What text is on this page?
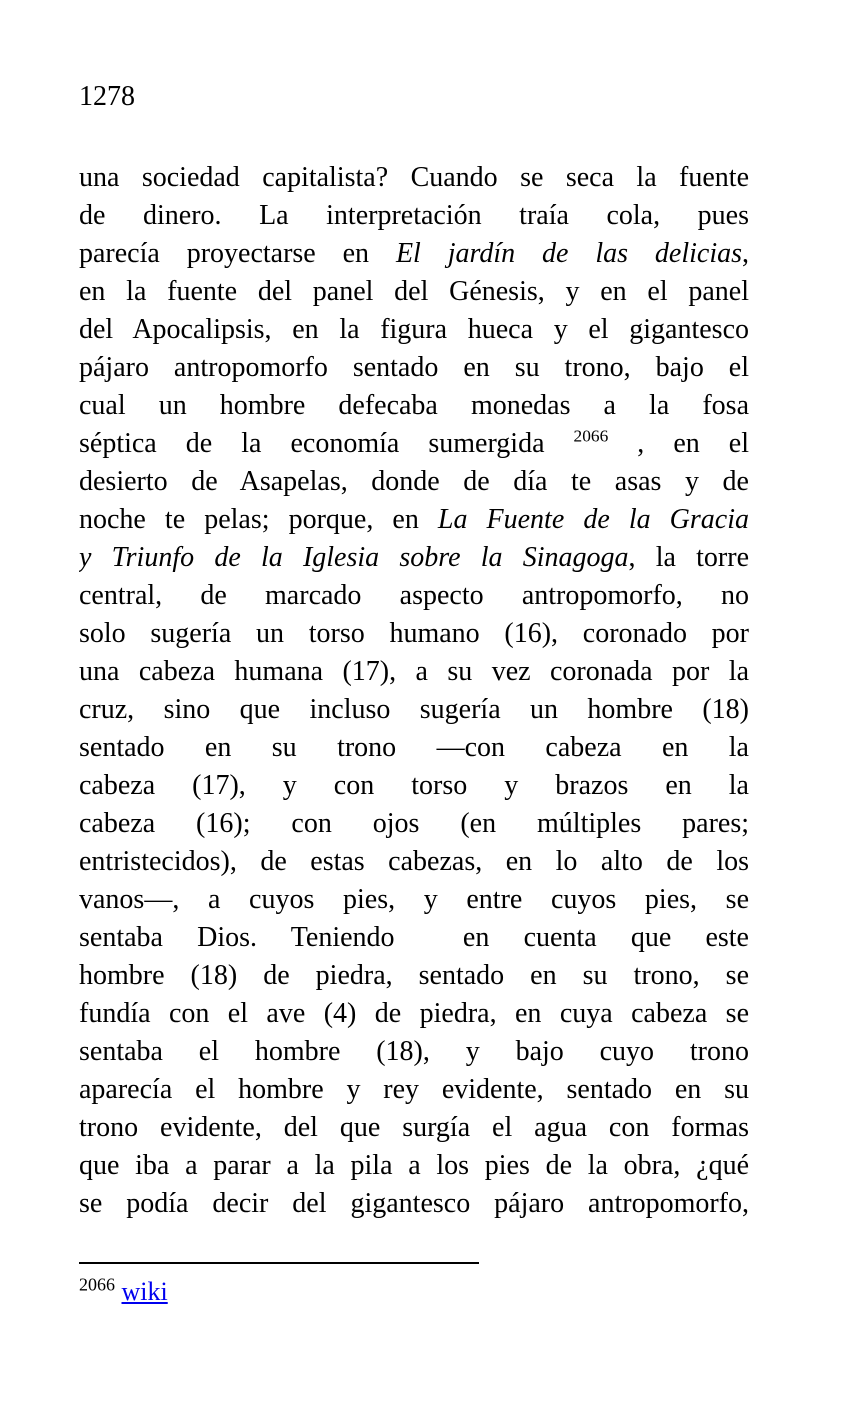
1278
una sociedad capitalista? Cuando se seca la fuente
de dinero. La interpretación traía cola, pues
parecía proyectarse en El jardín de las delicias,
en la fuente del panel del Génesis, y en el panel
del Apocalipsis, en la figura hueca y el gigantesco
pájaro antropomorfo sentado en su trono, bajo el
cual un hombre defecaba monedas a la fosa
séptica de la economía sumergida $^{2066}$ , en el
desierto de Asapelas, donde de día te asas y de
noche te pelas; porque, en La Fuente de la Gracia
y Triunfo de la Iglesia sobre la Sinagoga, la torre
central, de marcado aspecto antropomorfo, no
solo sugería un torso humano (16), coronado por
una cabeza humana (17), a su vez coronada por la
cruz, sino que incluso sugería un hombre (18)
sentado en su trono —con cabeza en la
cabeza (17), y con torso y brazos en la
cabeza (16); con ojos (en múltiples pares;
entristecidos), de estas cabezas, en lo alto de los
vanos—, a cuyos pies, y entre cuyos pies, se
sentaba Dios. Teniendo  en cuenta que este
hombre (18) de piedra, sentado en su trono, se
fundía con el ave (4) de piedra, en cuya cabeza se
sentaba el hombre (18), y bajo cuyo trono
aparecía el hombre y rey evidente, sentado en su
trono evidente, del que surgía el agua con formas
que iba a parar a la pila a los pies de la obra, ¿qué
se podía decir del gigantesco pájaro antropomorfo,
$^{2066}$ wiki
